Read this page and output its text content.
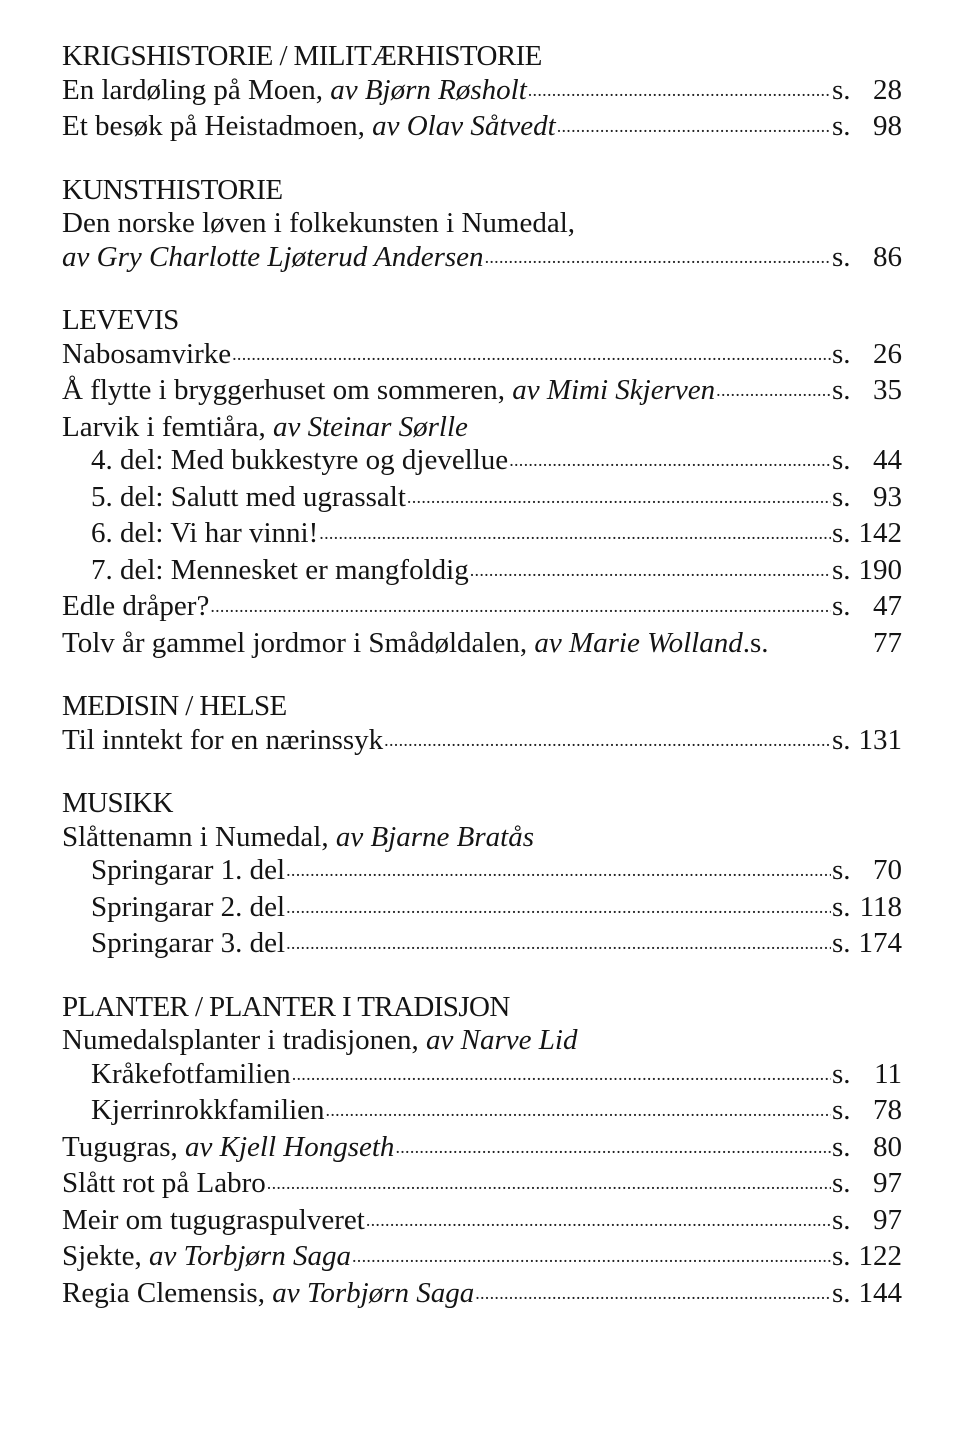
KRIGSHISTORIE / MILITÆRHISTORIE
En lardøling på Moen, av Bjørn Røsholt .....	s. 28
Et besøk på Heistadmoen, av Olav Såtvedt .....	s. 98
KUNSTHISTORIE
Den norske løven i folkekunsten i Numedal,
av Gry Charlotte Ljøterud Andersen .....	s. 86
LEVEVIS
Nabosamvirke .....	s. 26
Å flytte i bryggerhuset om sommeren, av Mimi Skjerven .....	s. 35
Larvik i femtiåra, av Steinar Sørlle
4. del: Med bukkestyre og djevellue .....	s. 44
5. del: Salutt med ugrassalt .....	s. 93
6. del: Vi har vinni! .....	s. 142
7. del: Mennesket er mangfoldig .....	s. 190
Edle dråper? .....	s. 47
Tolv år gammel jordmor i Smådøldalen, av Marie Wolland .s.	77
MEDISIN / HELSE
Til inntekt for en nærinssyk .....	s. 131
MUSIKK
Slåttenamn i Numedal, av Bjarne Bratås
Springarar 1. del .....	s. 70
Springarar 2. del .....	s. 118
Springarar 3. del .....	s. 174
PLANTER / PLANTER I TRADISJON
Numedalsplanter i tradisjonen, av Narve Lid
Kråkefotfamilien .....	s. 11
Kjerrinrokkfamilien .....	s. 78
Tugugras, av Kjell Hongseth .....	s. 80
Slått rot på Labro .....	s. 97
Meir om tugugraspulveret .....	s. 97
Sjekte, av Torbjørn Saga .....	s. 122
Regia Clemensis, av Torbjørn Saga .....	s. 144
